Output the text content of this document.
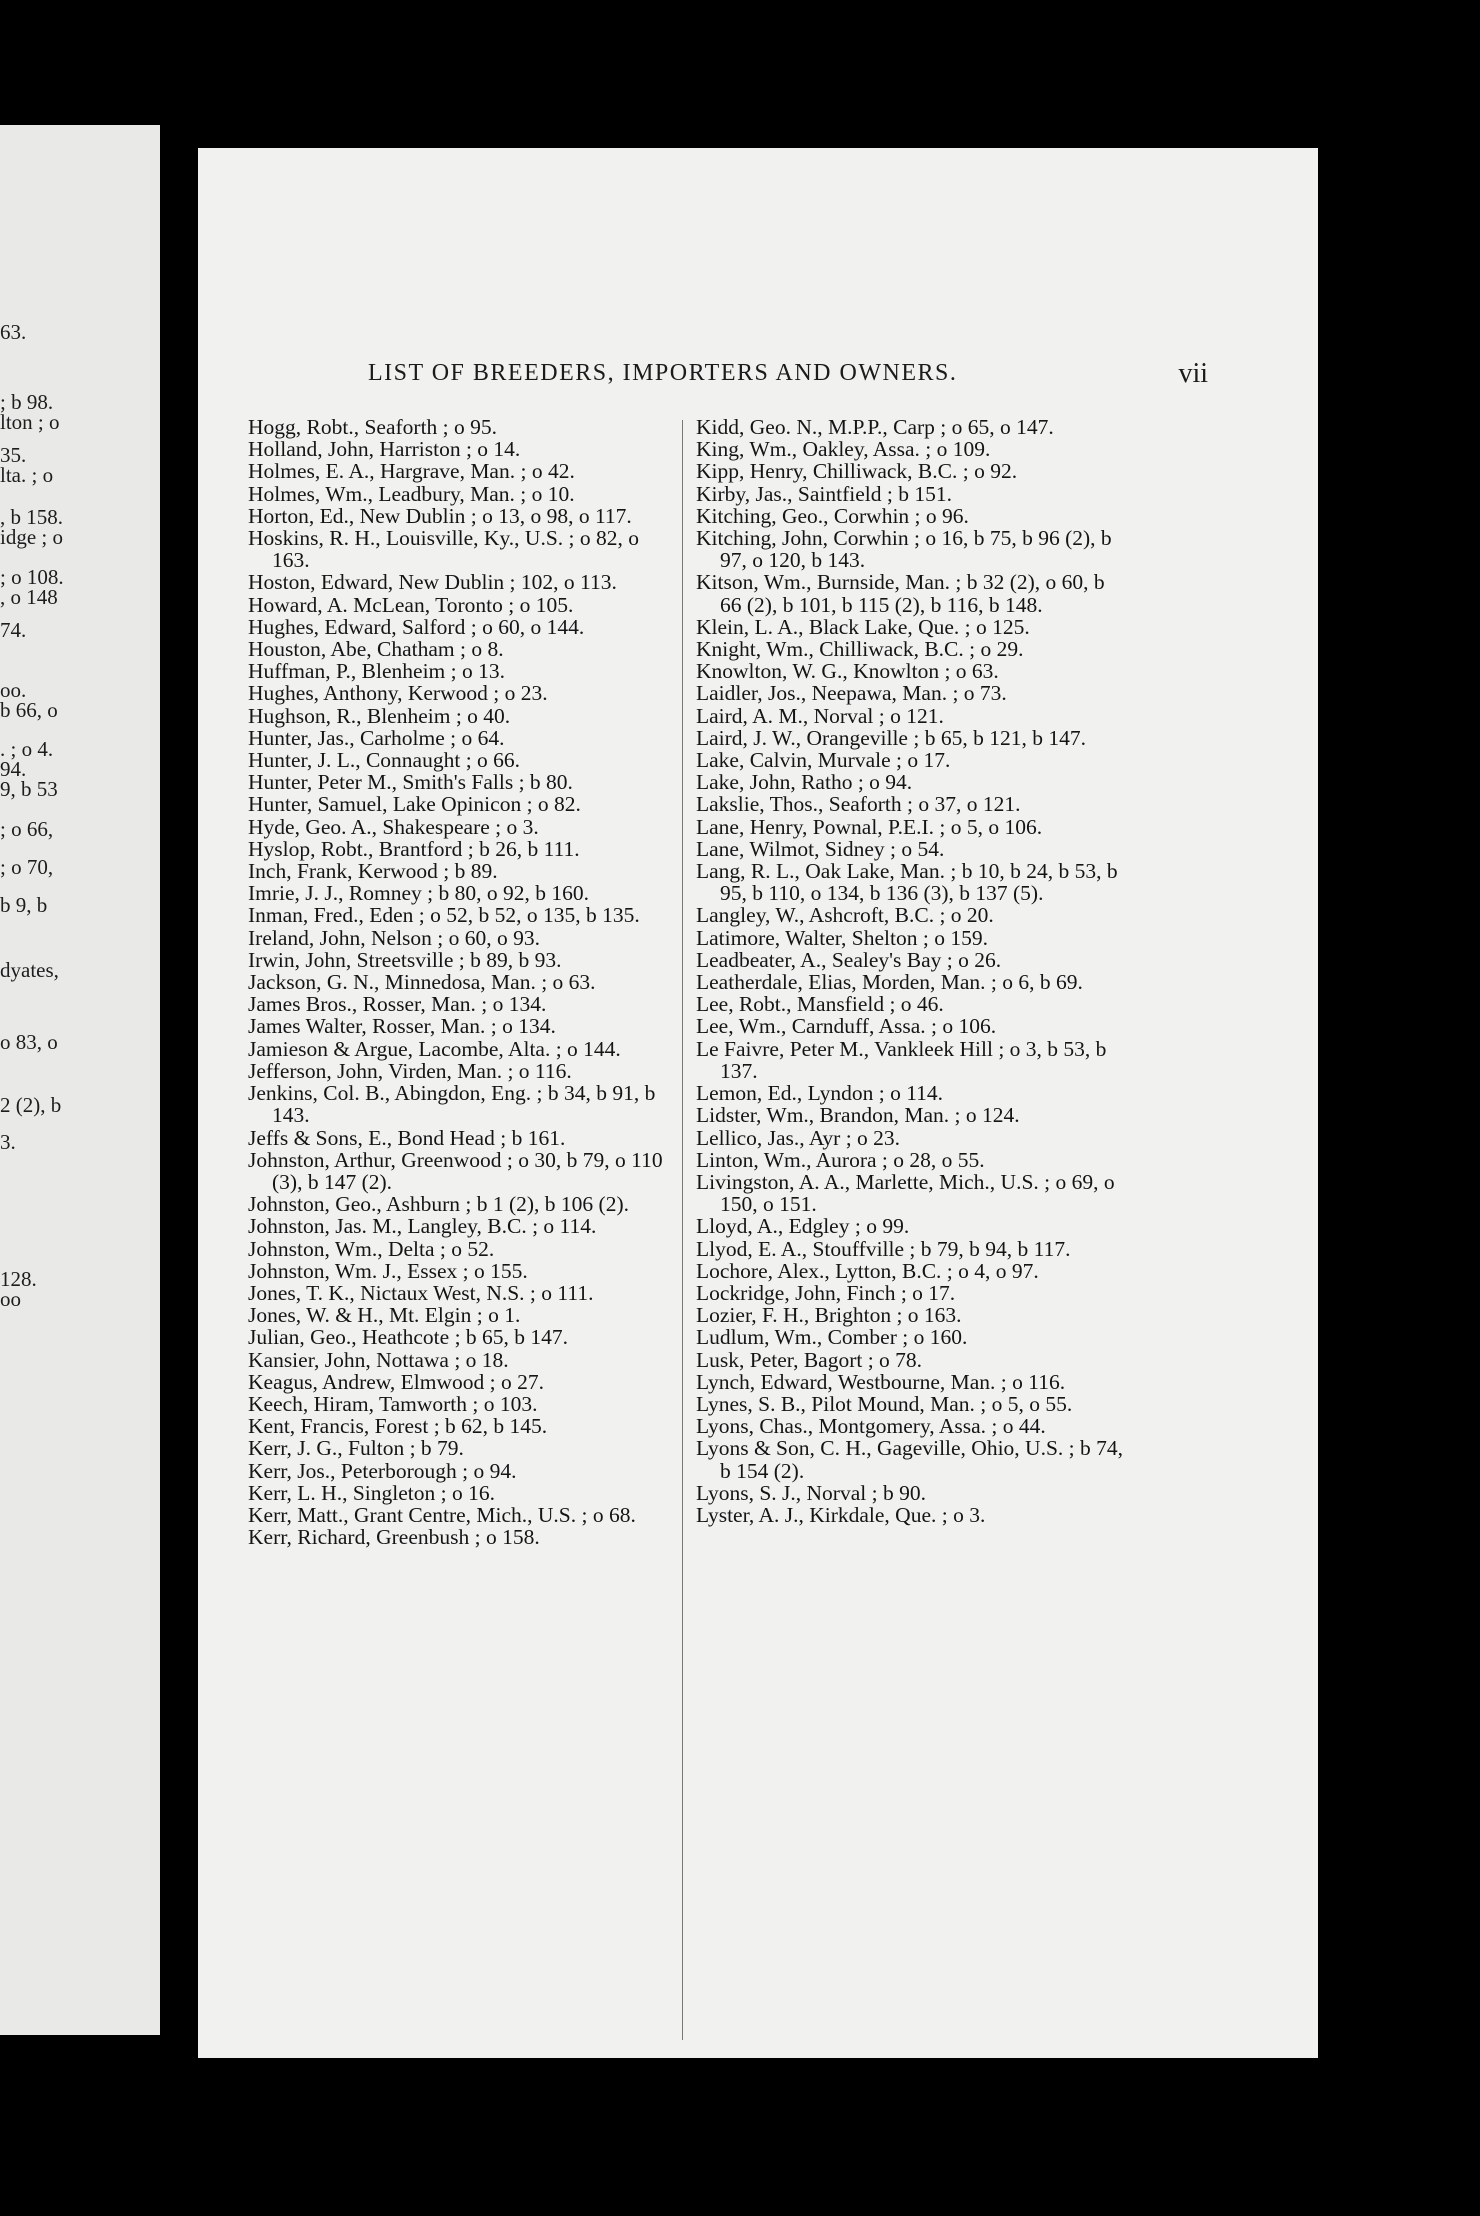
63.
; b 98.
lton ; o
35.
lta. ; o
, b 158.
idge ; o
; o 108.
, o 148
74.
oo.
b 66, o
. ; o 4.
94.
9, b 53
; o 66,
; o 70,
b 9, b
dyates,
o 83, o
2 (2), b
3.
128.
oo
LIST OF BREEDERS, IMPORTERS AND OWNERS.	vii
Hogg, Robt., Seaforth ; o 95.
Holland, John, Harriston ; o 14.
Holmes, E. A., Hargrave, Man. ; o 42.
Holmes, Wm., Leadbury, Man. ; o 10.
Horton, Ed., New Dublin ; o 13, o 98, o 117.
Hoskins, R. H., Louisville, Ky., U.S. ; o 82, o 163.
Hoston, Edward, New Dublin ; 102, o 113.
Howard, A. McLean, Toronto ; o 105.
Hughes, Edward, Salford ; o 60, o 144.
Houston, Abe, Chatham ; o 8.
Huffman, P., Blenheim ; o 13.
Hughes, Anthony, Kerwood ; o 23.
Hughson, R., Blenheim ; o 40.
Hunter, Jas., Carholme ; o 64.
Hunter, J. L., Connaught ; o 66.
Hunter, Peter M., Smith's Falls ; b 80.
Hunter, Samuel, Lake Opinicon ; o 82.
Hyde, Geo. A., Shakespeare ; o 3.
Hyslop, Robt., Brantford ; b 26, b 111.
Inch, Frank, Kerwood ; b 89.
Imrie, J. J., Romney ; b 80, o 92, b 160.
Inman, Fred., Eden ; o 52, b 52, o 135, b 135.
Ireland, John, Nelson ; o 60, o 93.
Irwin, John, Streetsville ; b 89, b 93.
Jackson, G. N., Minnedosa, Man. ; o 63.
James Bros., Rosser, Man. ; o 134.
James Walter, Rosser, Man. ; o 134.
Jamieson & Argue, Lacombe, Alta. ; o 144.
Jefferson, John, Virden, Man. ; o 116.
Jenkins, Col. B., Abingdon, Eng. ; b 34, b 91, b 143.
Jeffs & Sons, E., Bond Head ; b 161.
Johnston, Arthur, Greenwood ; o 30, b 79, o 110 (3), b 147 (2).
Johnston, Geo., Ashburn ; b 1 (2), b 106 (2).
Johnston, Jas. M., Langley, B.C. ; o 114.
Johnston, Wm., Delta ; o 52.
Johnston, Wm. J., Essex ; o 155.
Jones, T. K., Nictaux West, N.S. ; o 111.
Jones, W. & H., Mt. Elgin ; o 1.
Julian, Geo., Heathcote ; b 65, b 147.
Kansier, John, Nottawa ; o 18.
Keagus, Andrew, Elmwood ; o 27.
Keech, Hiram, Tamworth ; o 103.
Kent, Francis, Forest ; b 62, b 145.
Kerr, J. G., Fulton ; b 79.
Kerr, Jos., Peterborough ; o 94.
Kerr, L. H., Singleton ; o 16.
Kerr, Matt., Grant Centre, Mich., U.S. ; o 68.
Kerr, Richard, Greenbush ; o 158.
Kidd, Geo. N., M.P.P., Carp ; o 65, o 147.
King, Wm., Oakley, Assa. ; o 109.
Kipp, Henry, Chilliwack, B.C. ; o 92.
Kirby, Jas., Saintfield ; b 151.
Kitching, Geo., Corwhin ; o 96.
Kitching, John, Corwhin ; o 16, b 75, b 96 (2), b 97, o 120, b 143.
Kitson, Wm., Burnside, Man. ; b 32 (2), o 60, b 66 (2), b 101, b 115 (2), b 116, b 148.
Klein, L. A., Black Lake, Que. ; o 125.
Knight, Wm., Chilliwack, B.C. ; o 29.
Knowlton, W. G., Knowlton ; o 63.
Laidler, Jos., Neepawa, Man. ; o 73.
Laird, A. M., Norval ; o 121.
Laird, J. W., Orangeville ; b 65, b 121, b 147.
Lake, Calvin, Murvale ; o 17.
Lake, John, Ratho ; o 94.
Lakslie, Thos., Seaforth ; o 37, o 121.
Lane, Henry, Pownal, P.E.I. ; o 5, o 106.
Lane, Wilmot, Sidney ; o 54.
Lang, R. L., Oak Lake, Man. ; b 10, b 24, b 53, b 95, b 110, o 134, b 136 (3), b 137 (5).
Langley, W., Ashcroft, B.C. ; o 20.
Latimore, Walter, Shelton ; o 159.
Leadbeater, A., Sealey's Bay ; o 26.
Leatherdale, Elias, Morden, Man. ; o 6, b 69.
Lee, Robt., Mansfield ; o 46.
Lee, Wm., Carnduff, Assa. ; o 106.
Le Faivre, Peter M., Vankleek Hill ; o 3, b 53, b 137.
Lemon, Ed., Lyndon ; o 114.
Lidster, Wm., Brandon, Man. ; o 124.
Lellico, Jas., Ayr ; o 23.
Linton, Wm., Aurora ; o 28, o 55.
Livingston, A. A., Marlette, Mich., U.S. ; o 69, o 150, o 151.
Lloyd, A., Edgley ; o 99.
Llyod, E. A., Stouffville ; b 79, b 94, b 117.
Lochore, Alex., Lytton, B.C. ; o 4, o 97.
Lockridge, John, Finch ; o 17.
Lozier, F. H., Brighton ; o 163.
Ludlum, Wm., Comber ; o 160.
Lusk, Peter, Bagort ; o 78.
Lynch, Edward, Westbourne, Man. ; o 116.
Lynes, S. B., Pilot Mound, Man. ; o 5, o 55.
Lyons, Chas., Montgomery, Assa. ; o 44.
Lyons & Son, C. H., Gageville, Ohio, U.S. ; b 74, b 154 (2).
Lyons, S. J., Norval ; b 90.
Lyster, A. J., Kirkdale, Que. ; o 3.
